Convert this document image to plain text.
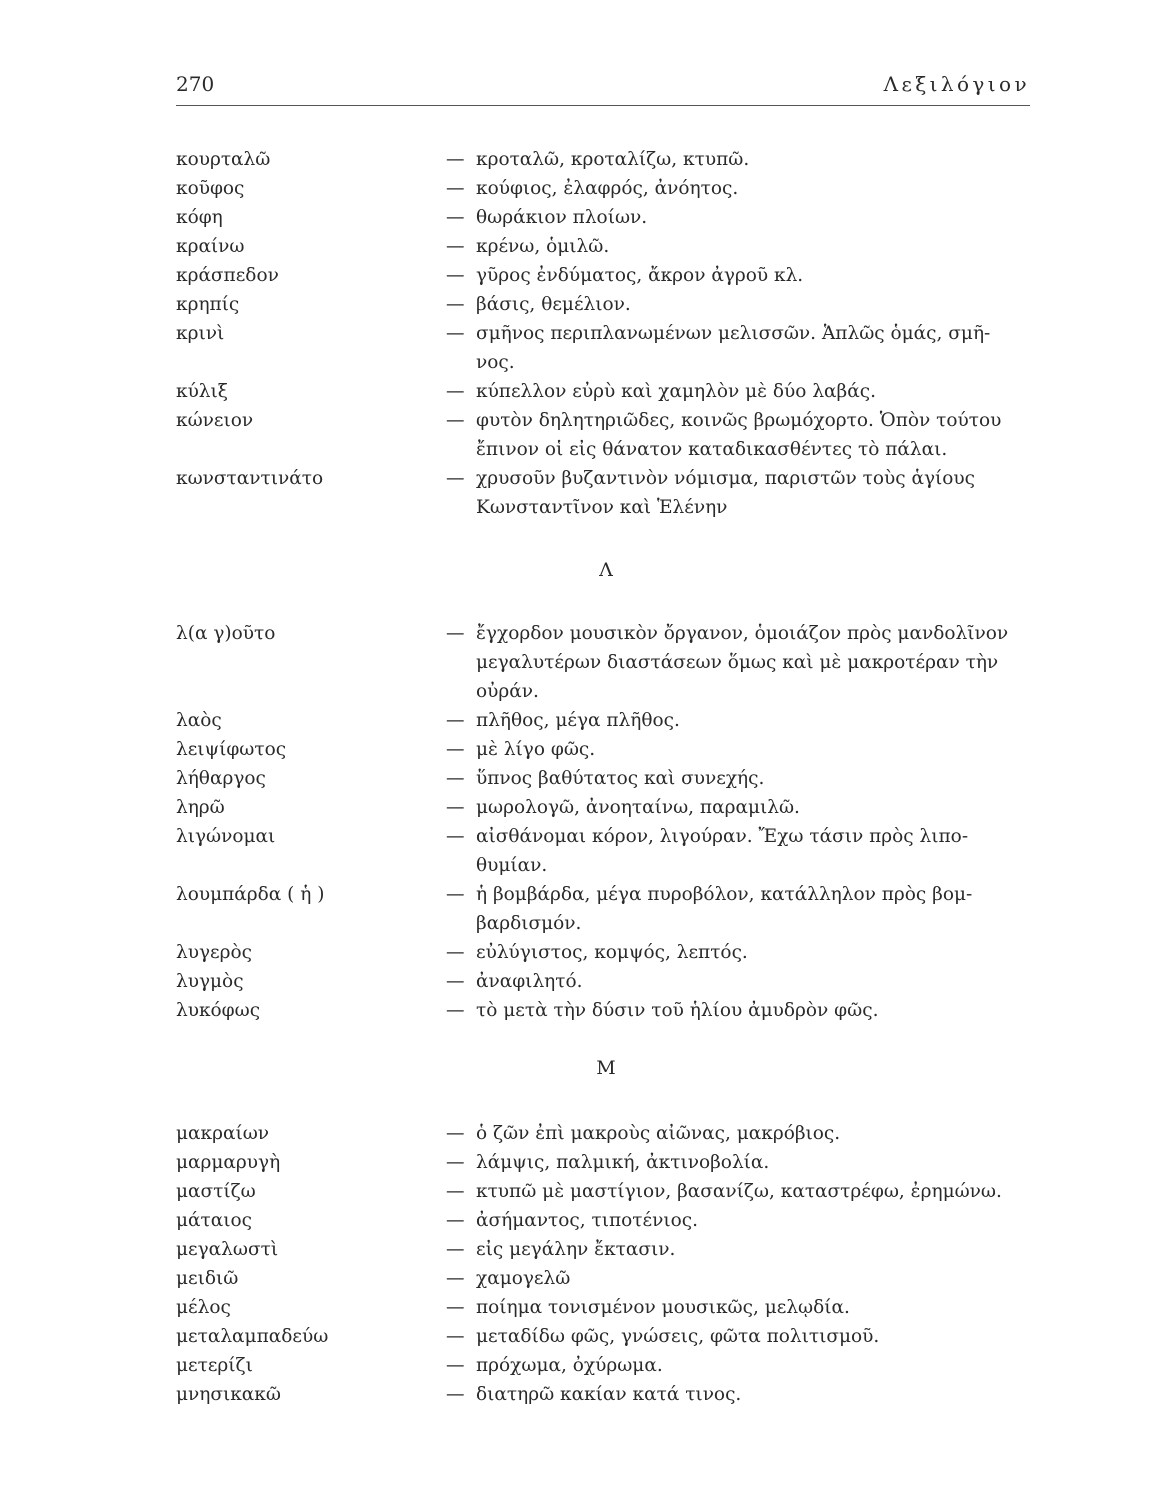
270	Λεξιλόγιον
κουρταλῶ	— κροταλῶ, κροταλίζω, κτυπῶ.
κοῦφος	— κούφιος, ἐλαφρός, ἀνόητος.
κόφη	— θωράκιον πλοίων.
κραίνω	— κρένω, ὁμιλῶ.
κράσπεδον	— γῦρος ἐνδύματος, ἄκρον ἀγροῦ κλ.
κρηπίς	— βάσις, θεμέλιον.
κρινὶ	— σμῆνος περιπλανωμένων μελισσῶν. Ἁπλῶς ὁμάς, σμῆ-
νος.
κύλιξ	— κύπελλον εὐρὺ καὶ χαμηλὸν μὲ δύο λαβάς.
κώνειον	— φυτὸν δηλητηριῶδες, κοινῶς βρωμόχορτο. Ὁπὸν τούτου
ἔπινον οἱ εἰς θάνατον καταδικασθέντες τὸ πάλαι.
κωνσταντινάτο	— χρυσοῦν βυζαντινὸν νόμισμα, παριστῶν τοὺς ἁγίους
Κωνσταντῖνον καὶ Ἑλένην
Λ
λ(α γ)οῦτο	— ἔγχορδον μουσικὸν ὄργανον, ὁμοιάζον πρὸς μανδολῖνον
μεγαλυτέρων διαστάσεων ὅμως καὶ μὲ μακροτέραν τὴν
οὐράν.
λαὸς	— πλῆθος, μέγα πλῆθος.
λειψίφωτος	— μὲ λίγο φῶς.
λήθαργος	— ὕπνος βαθύτατος καὶ συνεχής.
ληρῶ	— μωρολογῶ, ἀνοηταίνω, παραμιλῶ.
λιγώνομαι	— αἰσθάνομαι κόρον, λιγούραν. Ἔχω τάσιν πρὸς λιπο-
θυμίαν.
λουμπάρδα ( ἡ )	— ἡ βομβάρδα, μέγα πυροβόλον, κατάλληλον πρὸς βομ-
βαρδισμόν.
λυγερὸς	— εὐλύγιστος, κομψός, λεπτός.
λυγμὸς	— ἀναφιλητό.
λυκόφως	— τὸ μετὰ τὴν δύσιν τοῦ ἡλίου ἀμυδρὸν φῶς.
Μ
μακραίων	— ὁ ζῶν ἐπὶ μακροὺς αἰῶνας, μακρόβιος.
μαρμαρυγὴ	— λάμψις, παλμική, ἀκτινοβολία.
μαστίζω	— κτυπῶ μὲ μαστίγιον, βασανίζω, καταστρέφω, ἐρημώνω.
μάταιος	— ἀσήμαντος, τιποτένιος.
μεγαλωστὶ	— εἰς μεγάλην ἔκτασιν.
μειδιῶ	— χαμογελῶ
μέλος	— ποίημα τονισμένον μουσικῶς, μελῳδία.
μεταλαμπαδεύω	— μεταδίδω φῶς, γνώσεις, φῶτα πολιτισμοῦ.
μετερίζι	— πρόχωμα, ὀχύρωμα.
μνησικακῶ	— διατηρῶ κακίαν κατά τινος.
